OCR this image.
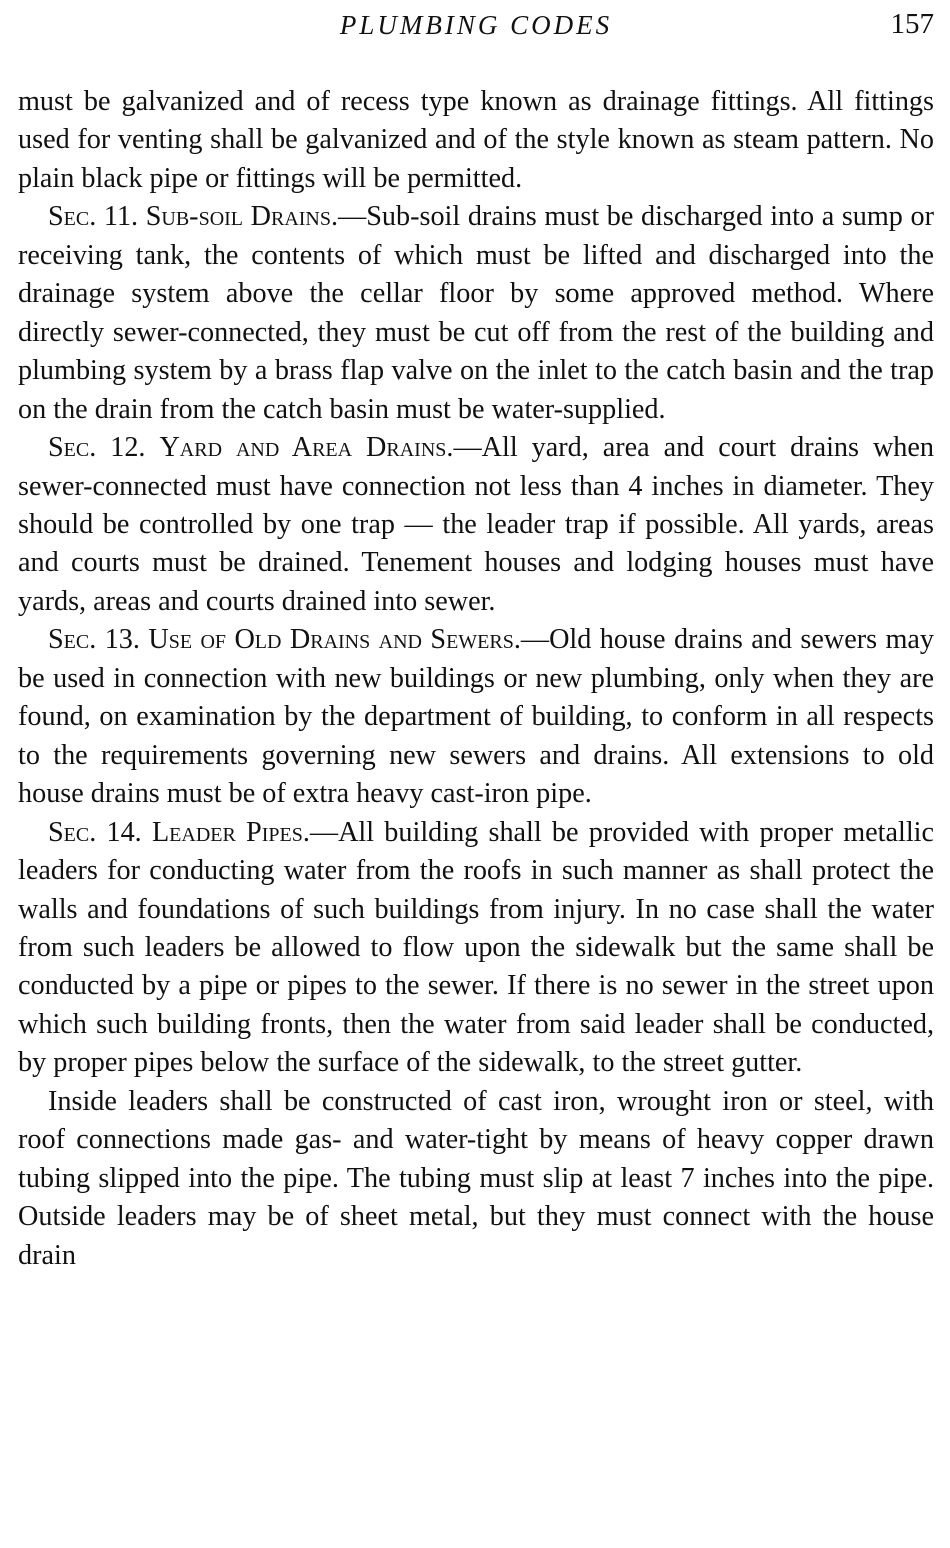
PLUMBING CODES	157

must be galvanized and of recess type known as drainage fittings. All fittings used for venting shall be galvanized and of the style known as steam pattern. No plain black pipe or fittings will be permitted.

Sec. 11. Sub-soil Drains.—Sub-soil drains must be discharged into a sump or receiving tank, the contents of which must be lifted and discharged into the drainage system above the cellar floor by some approved method. Where directly sewer-connected, they must be cut off from the rest of the building and plumbing system by a brass flap valve on the inlet to the catch basin and the trap on the drain from the catch basin must be water-supplied.

Sec. 12. Yard and Area Drains.—All yard, area and court drains when sewer-connected must have connection not less than 4 inches in diameter. They should be controlled by one trap — the leader trap if possible. All yards, areas and courts must be drained. Tenement houses and lodging houses must have yards, areas and courts drained into sewer.

Sec. 13. Use of Old Drains and Sewers.—Old house drains and sewers may be used in connection with new buildings or new plumbing, only when they are found, on examination by the department of building, to conform in all respects to the requirements governing new sewers and drains. All extensions to old house drains must be of extra heavy cast-iron pipe.

Sec. 14. Leader Pipes.—All building shall be provided with proper metallic leaders for conducting water from the roofs in such manner as shall protect the walls and foundations of such buildings from injury. In no case shall the water from such leaders be allowed to flow upon the sidewalk but the same shall be conducted by a pipe or pipes to the sewer. If there is no sewer in the street upon which such building fronts, then the water from said leader shall be conducted, by proper pipes below the surface of the sidewalk, to the street gutter.

Inside leaders shall be constructed of cast iron, wrought iron or steel, with roof connections made gas- and water-tight by means of heavy copper drawn tubing slipped into the pipe. The tubing must slip at least 7 inches into the pipe. Outside leaders may be of sheet metal, but they must connect with the house drain
